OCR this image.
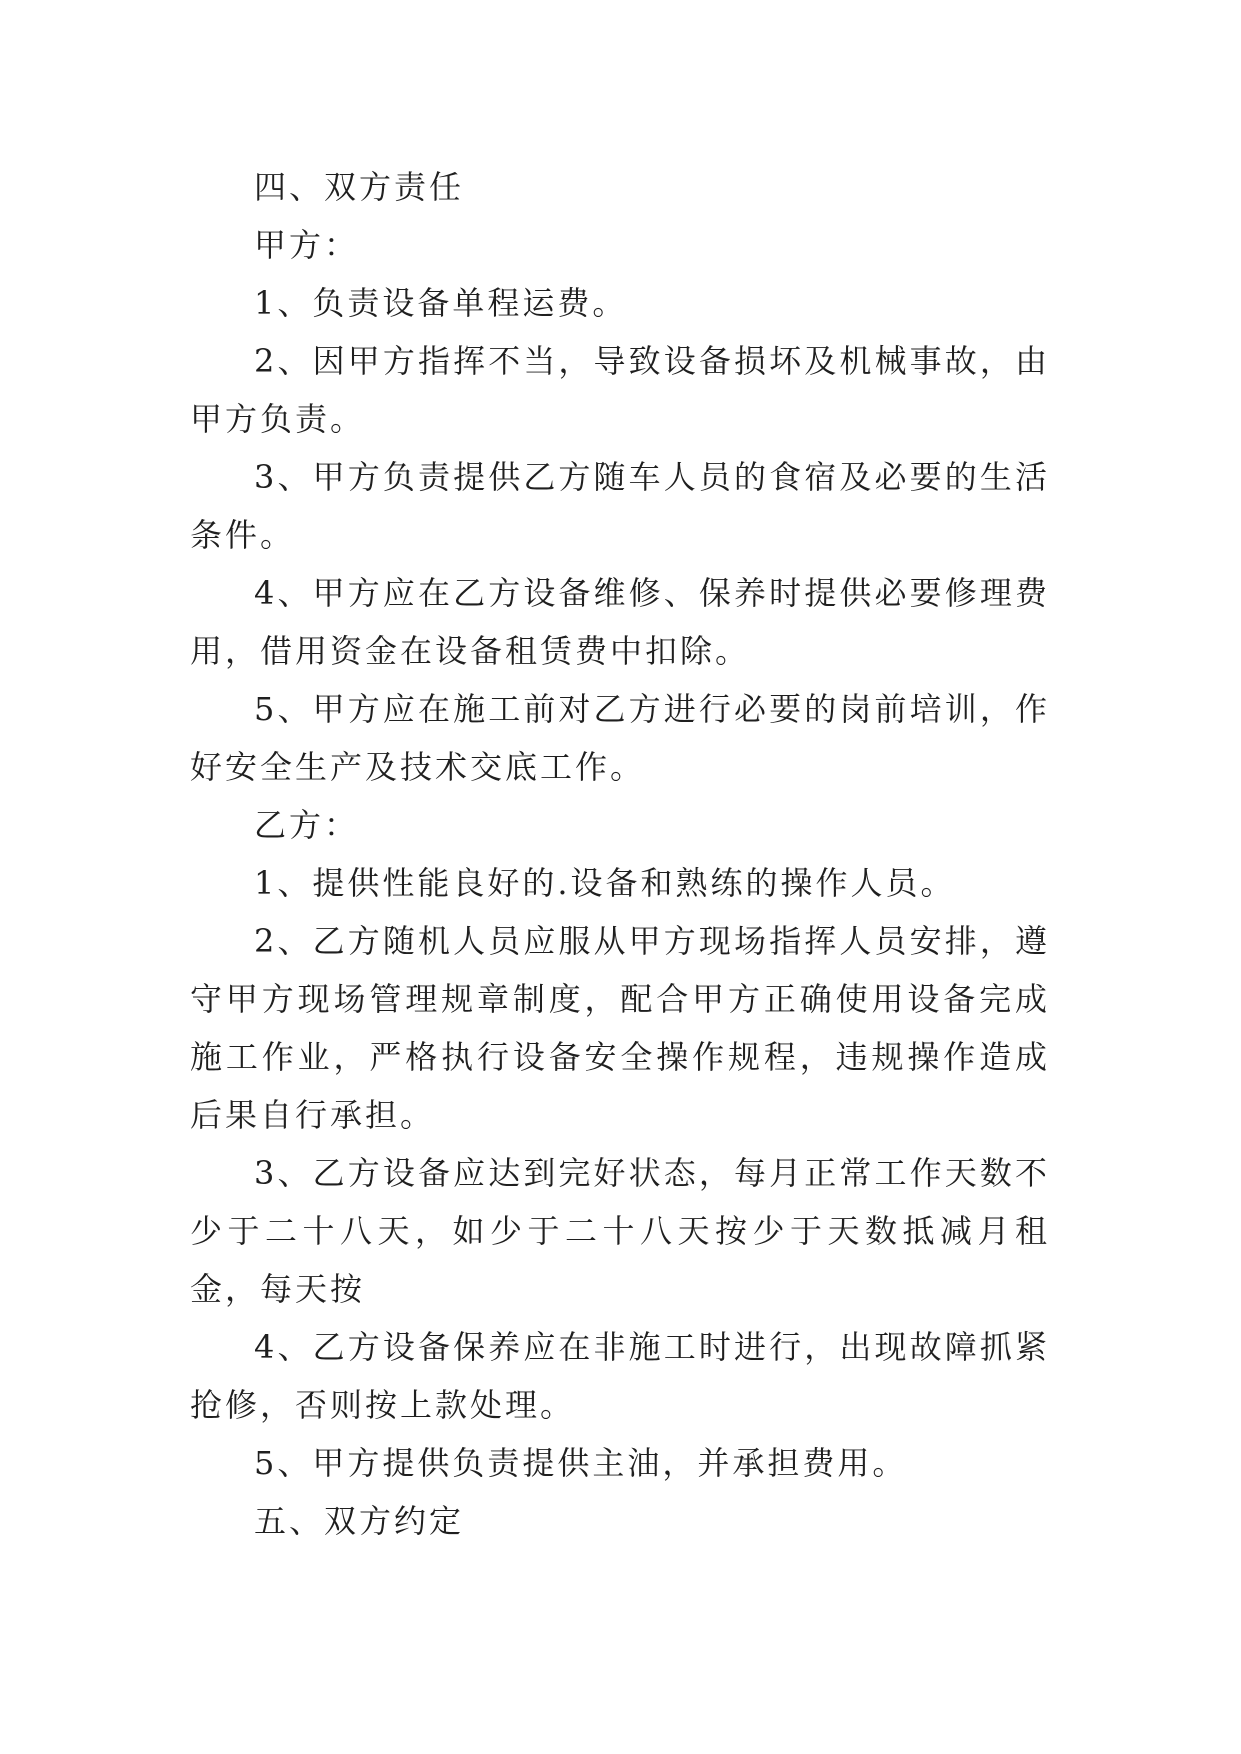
四、双方责任

甲方：

1、负责设备单程运费。

2、因甲方指挥不当，导致设备损坏及机械事故，由甲方负责。

3、甲方负责提供乙方随车人员的食宿及必要的生活条件。

4、甲方应在乙方设备维修、保养时提供必要修理费用，借用资金在设备租赁费中扣除。

5、甲方应在施工前对乙方进行必要的岗前培训，作好安全生产及技术交底工作。

乙方：

1、提供性能良好的.设备和熟练的操作人员。

2、乙方随机人员应服从甲方现场指挥人员安排，遵守甲方现场管理规章制度，配合甲方正确使用设备完成施工作业，严格执行设备安全操作规程，违规操作造成后果自行承担。

3、乙方设备应达到完好状态，每月正常工作天数不少于二十八天，如少于二十八天按少于天数抵减月租金，每天按

4、乙方设备保养应在非施工时进行，出现故障抓紧抢修，否则按上款处理。

5、甲方提供负责提供主油，并承担费用。

五、双方约定
